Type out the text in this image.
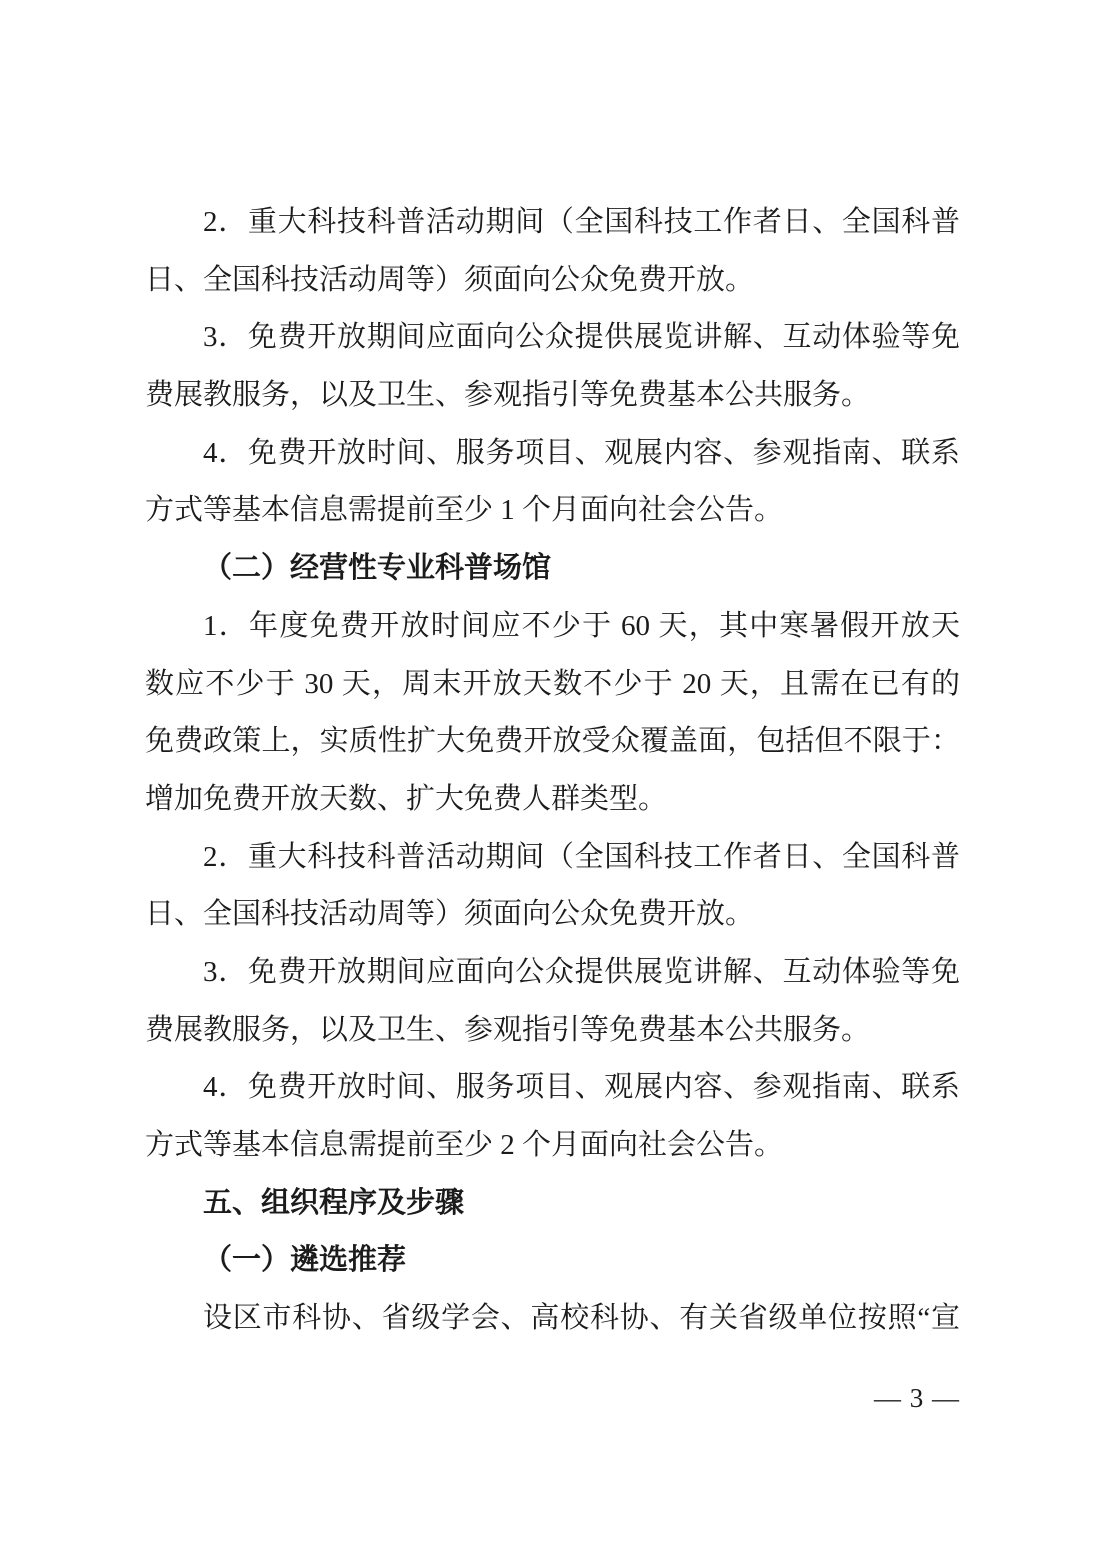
2．重大科技科普活动期间（全国科技工作者日、全国科普
日、全国科技活动周等）须面向公众免费开放。
3．免费开放期间应面向公众提供展览讲解、互动体验等免
费展教服务，以及卫生、参观指引等免费基本公共服务。
4．免费开放时间、服务项目、观展内容、参观指南、联系
方式等基本信息需提前至少 1 个月面向社会公告。
（二）经营性专业科普场馆
1．年度免费开放时间应不少于 60 天，其中寒暑假开放天
数应不少于 30 天，周末开放天数不少于 20 天，且需在已有的
免费政策上，实质性扩大免费开放受众覆盖面，包括但不限于：
增加免费开放天数、扩大免费人群类型。
2．重大科技科普活动期间（全国科技工作者日、全国科普
日、全国科技活动周等）须面向公众免费开放。
3．免费开放期间应面向公众提供展览讲解、互动体验等免
费展教服务，以及卫生、参观指引等免费基本公共服务。
4．免费开放时间、服务项目、观展内容、参观指南、联系
方式等基本信息需提前至少 2 个月面向社会公告。
五、组织程序及步骤
（一）遴选推荐
设区市科协、省级学会、高校科协、有关省级单位按照“宣
— 3 —
